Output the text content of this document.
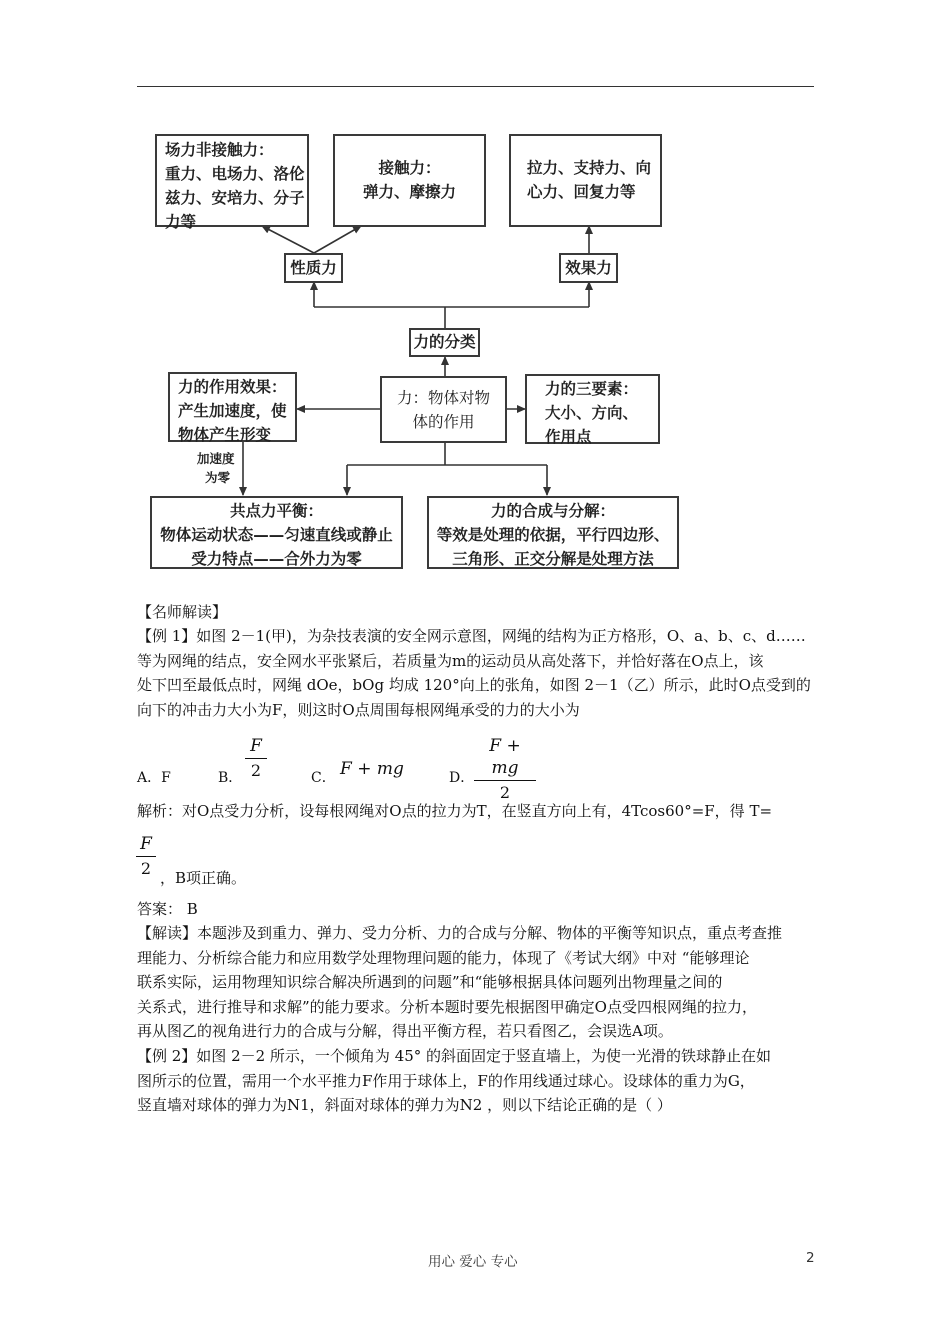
场力非接触力：
重力、电场力、洛伦
兹力、安培力、分子
力等
接触力：
弹力、摩擦力
拉力、支持力、向
心力、回复力等
性质力	效果力
力的分类
力：物体对物
体的作用
力的作用效果：
产生加速度，使
物体产生形变
力的三要素：
大小、方向、
作用点
加速度
为零
共点力平衡：
物体运动状态——匀速直线或静止
受力特点——合外力为零
力的合成与分解：
等效是处理的依据，平行四边形、
三角形、正交分解是处理方法
【名师解读】
【例 1】如图 2－1(甲)，为杂技表演的安全网示意图，网绳的结构为正方格形，O、a、b、c、d……
等为网绳的结点，安全网水平张紧后，若质量为m的运动员从高处落下，并恰好落在O点上，该
处下凹至最低点时，网绳 dOe，bOg 均成 120°向上的张角，如图 2－1（乙）所示，此时O点受到的
向下的冲击力大小为F，则这时O点周围每根网绳承受的力的大小为
A．F	B．
F
2	C． F + mg	D．
F + mg
2
解析：对O点受力分析，设每根网绳对O点的拉力为T，在竖直方向上有，4Tcos60°=F，得 T=
F
2 ，B项正确。
答案： B
【解读】本题涉及到重力、弹力、受力分析、力的合成与分解、物体的平衡等知识点，重点考查推
理能力、分析综合能力和应用数学处理物理问题的能力，体现了《考试大纲》中对 “能够理论
联系实际，运用物理知识综合解决所遇到的问题”和“能够根据具体问题列出物理量之间的
关系式，进行推导和求解”的能力要求。分析本题时要先根据图甲确定O点受四根网绳的拉力，
再从图乙的视角进行力的合成与分解，得出平衡方程，若只看图乙，会误选A项。
【例 2】如图 2－2 所示，一个倾角为 45° 的斜面固定于竖直墙上，为使一光滑的铁球静止在如
图所示的位置，需用一个水平推力F作用于球体上，F的作用线通过球心。设球体的重力为G，
竖直墙对球体的弹力为N1，斜面对球体的弹力为N2 ，则以下结论正确的是（ ）
用心 爱心 专心	2
